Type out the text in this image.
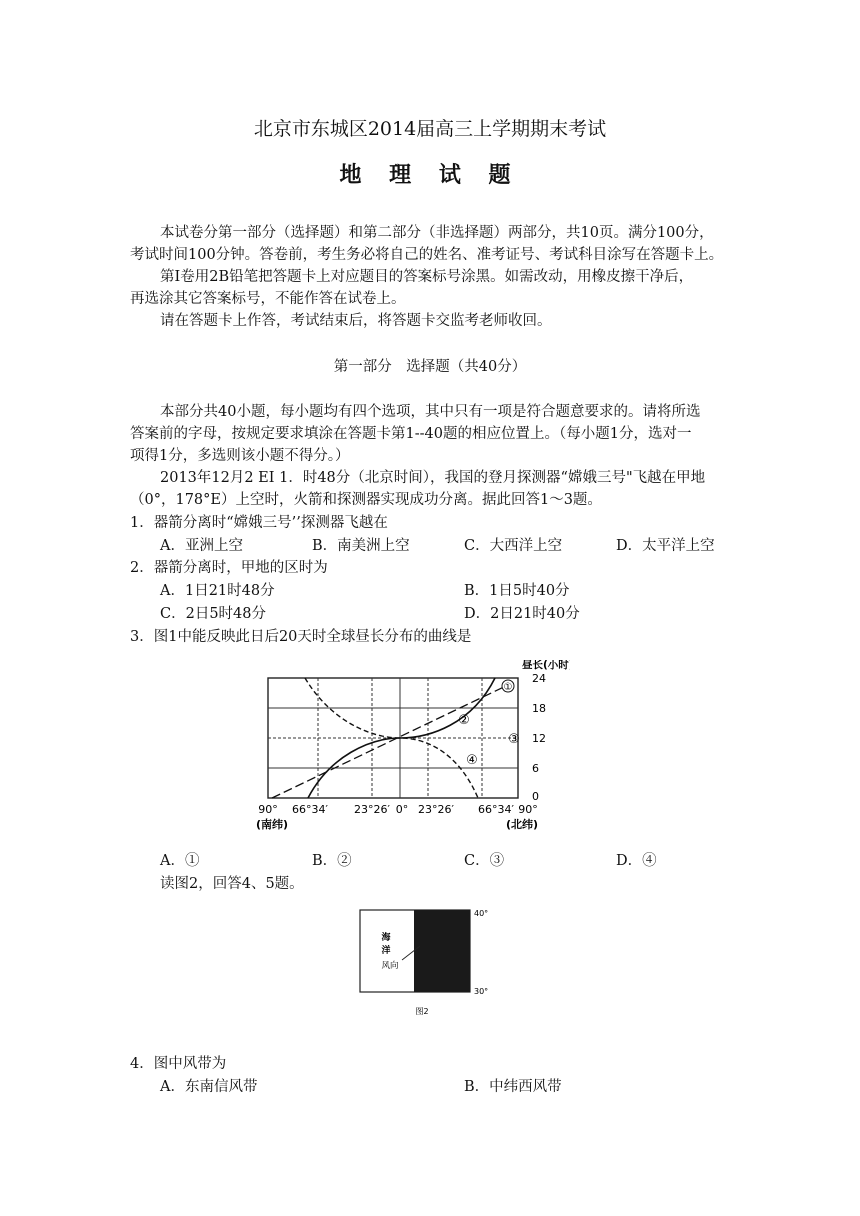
北京市东城区2014届高三上学期期末考试
地 理 试 题
本试卷分第一部分（选择题）和第二部分（非选择题）两部分，共10页。满分100分，
考试时间100分钟。答卷前，考生务必将自己的姓名、准考证号、考试科目涂写在答题卡上。
第I卷用2B铅笔把答题卡上对应题目的答案标号涂黑。如需改动，用橡皮擦干净后，
再选涂其它答案标号，不能作答在试卷上。
请在答题卡上作答，考试结束后，将答题卡交监考老师收回。
第一部分　选择题（共40分）
本部分共40小题，每小题均有四个选项，其中只有一项是符合题意要求的。请将所选
答案前的字母，按规定要求填涂在答题卡第1--40题的相应位置上。（每小题1分，选对一
项得1分，多选则该小题不得分。）
2013年12月2 EI 1．时48分（北京时间），我国的登月探测器“嫦娥三号"飞越在甲地
（0°，178°E）上空时，火箭和探测器实现成功分离。据此回答1～3题。
1．器箭分离时“嫦娥三号’’探测器飞越在
A．亚洲上空	B．南美洲上空	C．大西洋上空	D．太平洋上空
2．器箭分离时，甲地的区时为
A．1日21时48分	B．1日5时40分
C．2日5时48分	D．2日21时40分
3．图1中能反映此日后20天时全球昼长分布的曲线是
①
②
③
④
昼长(小时)
24
18
12
6
0
90° 66°34′ 23°26′ 0° 23°26′ 66°34′ 90°
(南纬)	(北纬)
A．①	B．②	C．③	D．④
读图2，回答4、5题。
海
洋
风向
40°
30°
图2
4．图中风带为
A．东南信风带	B．中纬西风带
